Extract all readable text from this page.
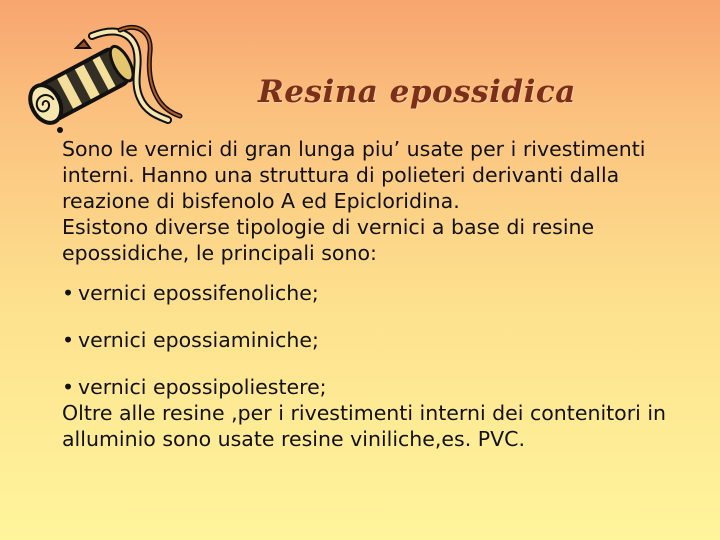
Resina epossidica

Sono le vernici di gran lunga piu’ usate per i rivestimenti interni. Hanno una struttura di polieteri derivanti dalla reazione di bisfenolo A ed Epicloridina.

Esistono diverse tipologie di vernici a base di resine epossidiche, le principali sono:

• vernici epossifenoliche;
• vernici epossiaminiche;
• vernici epossipoliestere;

Oltre alle resine ,per i rivestimenti interni dei contenitori in alluminio sono usate resine viniliche,es. PVC.
